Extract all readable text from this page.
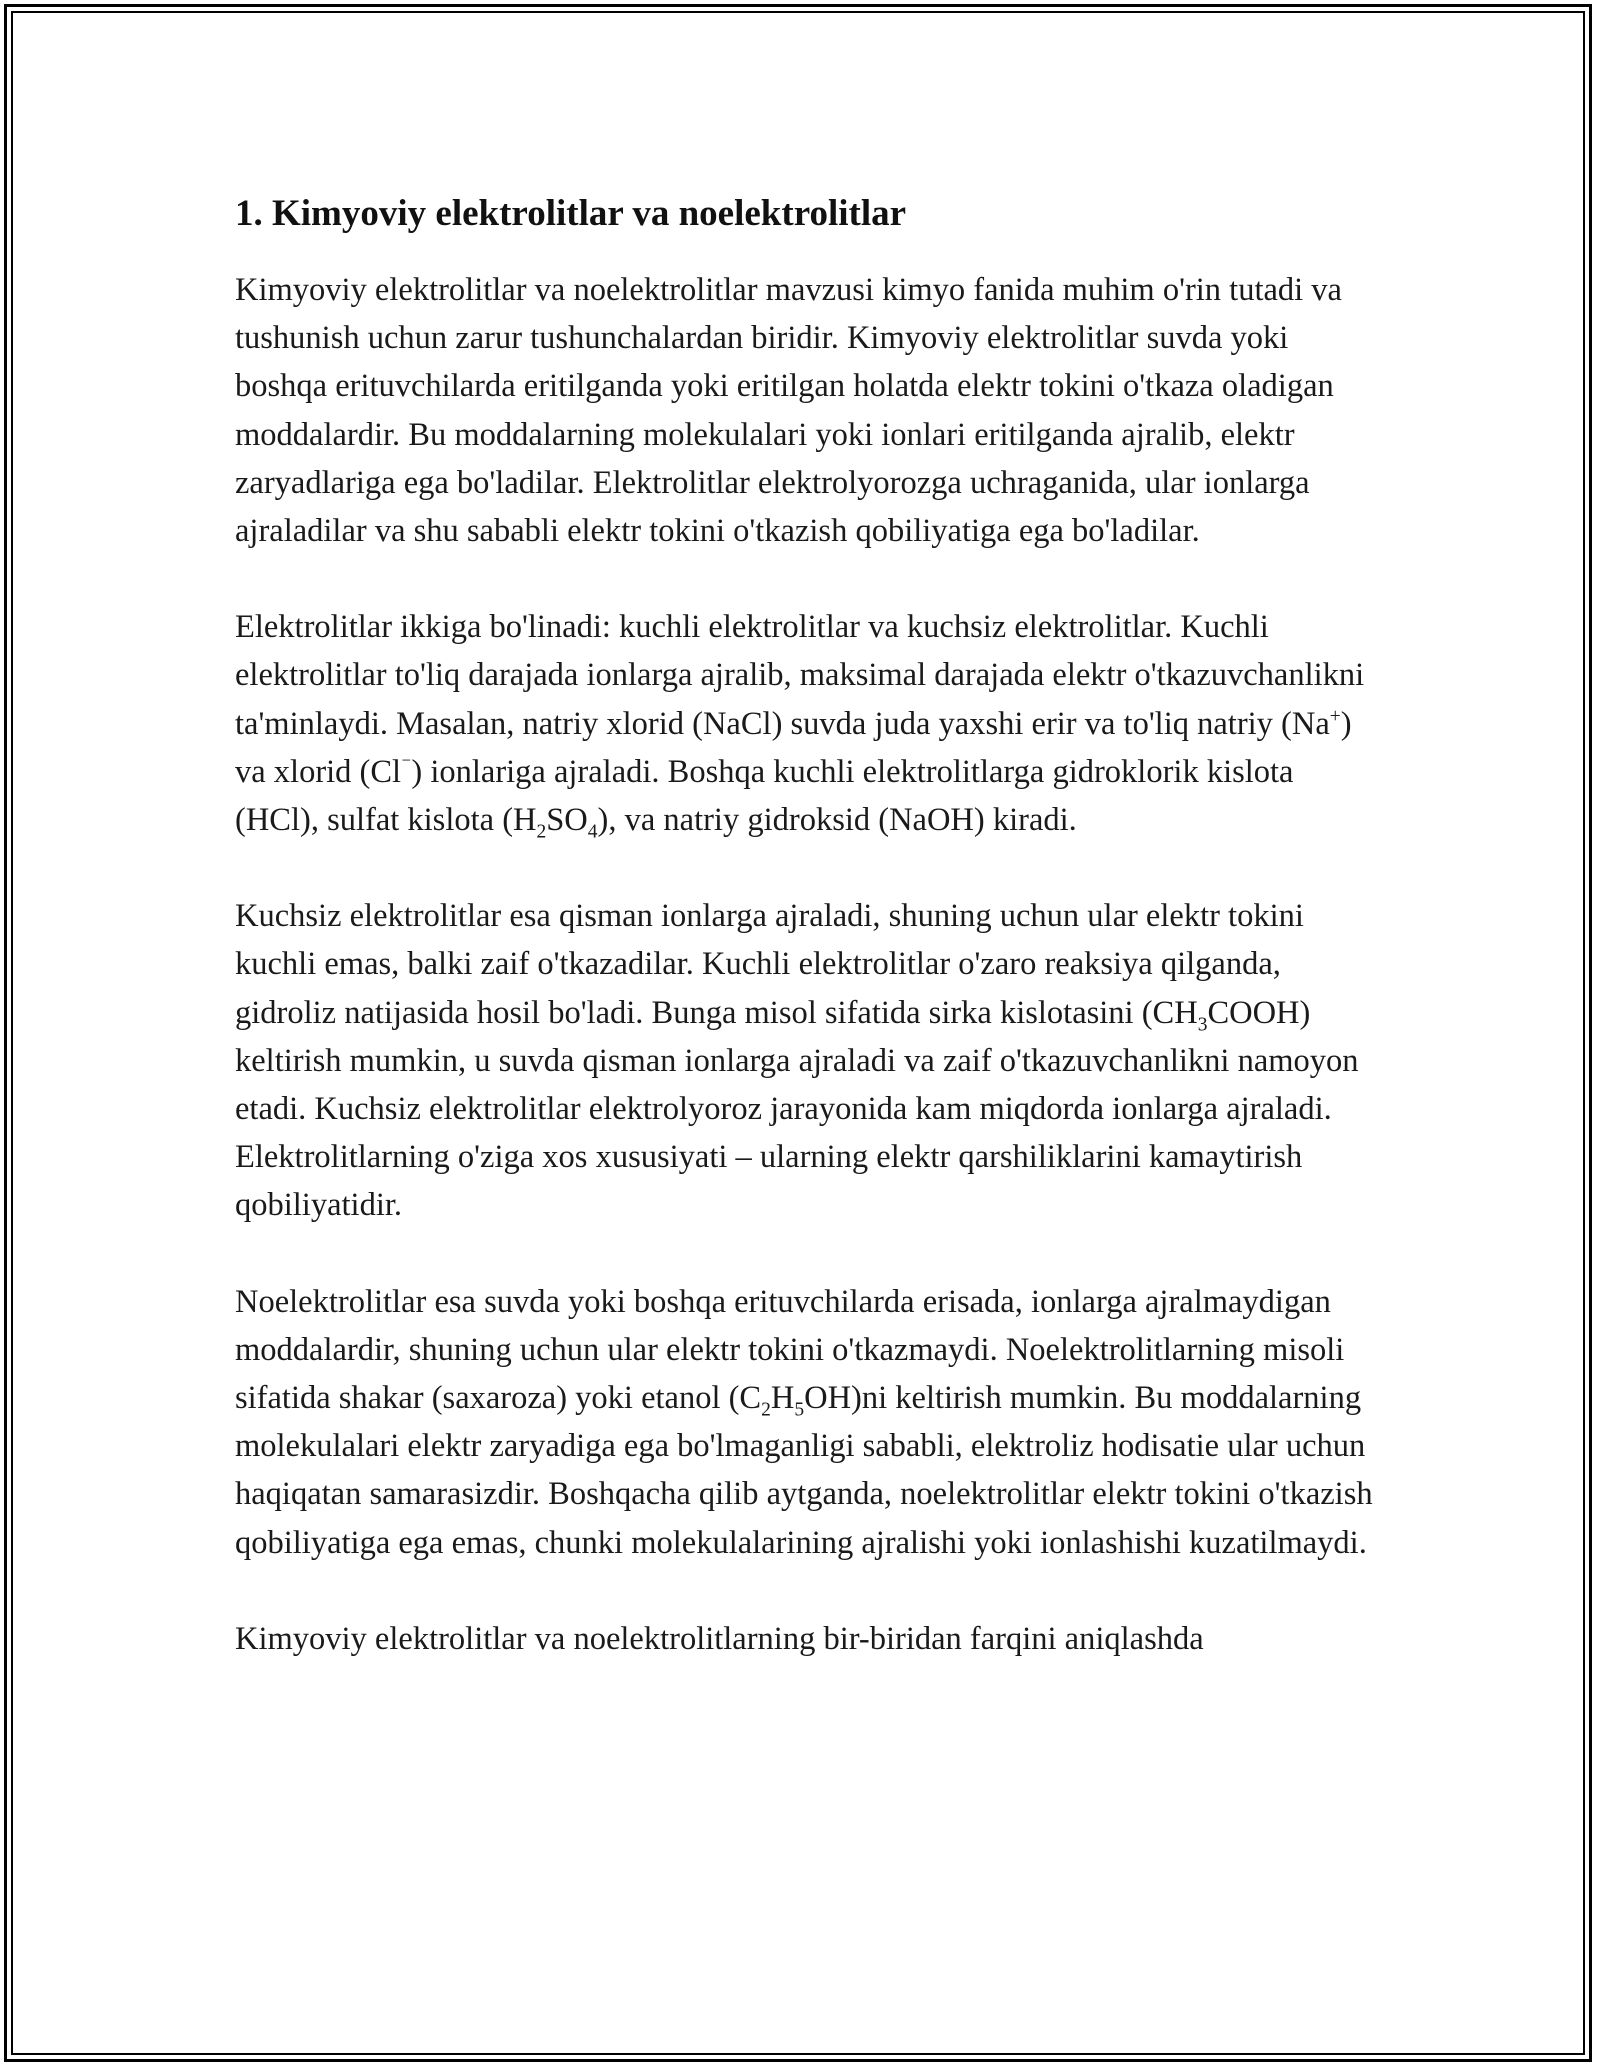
1. Kimyoviy elektrolitlar va noelektrolitlar

Kimyoviy elektrolitlar va noelektrolitlar mavzusi kimyo fanida muhim o'rin tutadi va tushunish uchun zarur tushunchalardan biridir. Kimyoviy elektrolitlar suvda yoki boshqa erituvchilarda eritilganda yoki eritilgan holatda elektr tokini o'tkaza oladigan moddalardir. Bu moddalarning molekulalari yoki ionlari eritilganda ajralib, elektr zaryadlariga ega bo'ladilar. Elektrolitlar elektrolyorozga uchraganida, ular ionlarga ajraladilar va shu sababli elektr tokini o'tkazish qobiliyatiga ega bo'ladilar.

Elektrolitlar ikkiga bo'linadi: kuchli elektrolitlar va kuchsiz elektrolitlar. Kuchli elektrolitlar to'liq darajada ionlarga ajralib, maksimal darajada elektr o'tkazuvchanlikni ta'minlaydi. Masalan, natriy xlorid (NaCl) suvda juda yaxshi erir va to'liq natriy (Na+) va xlorid (Cl⁻) ionlariga ajraladi. Boshqa kuchli elektrolitlarga gidroklorik kislota (HCl), sulfat kislota $(H_2SO_4)$, va natriy gidroksid (NaOH) kiradi.

Kuchsiz elektrolitlar esa qisman ionlarga ajraladi, shuning uchun ular elektr tokini kuchli emas, balki zaif o'tkazadilar. Kuchli elektrolitlar o'zaro reaksiya qilganda, gidroliz natijasida hosil bo'ladi. Bunga misol sifatida sirka kislotasini $(CH_3COOH)$ keltirish mumkin, u suvda qisman ionlarga ajraladi va zaif o'tkazuvchanlikni namoyon etadi. Kuchsiz elektrolitlar elektrolyoroz jarayonida kam miqdorda ionlarga ajraladi. Elektrolitlarning o'ziga xos xususiyati – ularning elektr qarshiliklarini kamaytirish qobiliyatidir.

Noelektrolitlar esa suvda yoki boshqa erituvchilarda erisada, ionlarga ajralmaydigan moddalardir, shuning uchun ular elektr tokini o'tkazmaydi. Noelektrolitlarning misoli sifatida shakar (saxaroza) yoki etanol $(C_2H_5OH)ni$ keltirish mumkin. Bu moddalarning molekulalari elektr zaryadiga ega bo'lmaganligi sababli, elektroliz hodisatie ular uchun haqiqatan samarasizdir. Boshqacha qilib aytganda, noelektrolitlar elektr tokini o'tkazish qobiliyatiga ega emas, chunki molekulalarining ajralishi yoki ionlashishi kuzatilmaydi.

Kimyoviy elektrolitlar va noelektrolitlarning bir-biridan farqini aniqlashda
